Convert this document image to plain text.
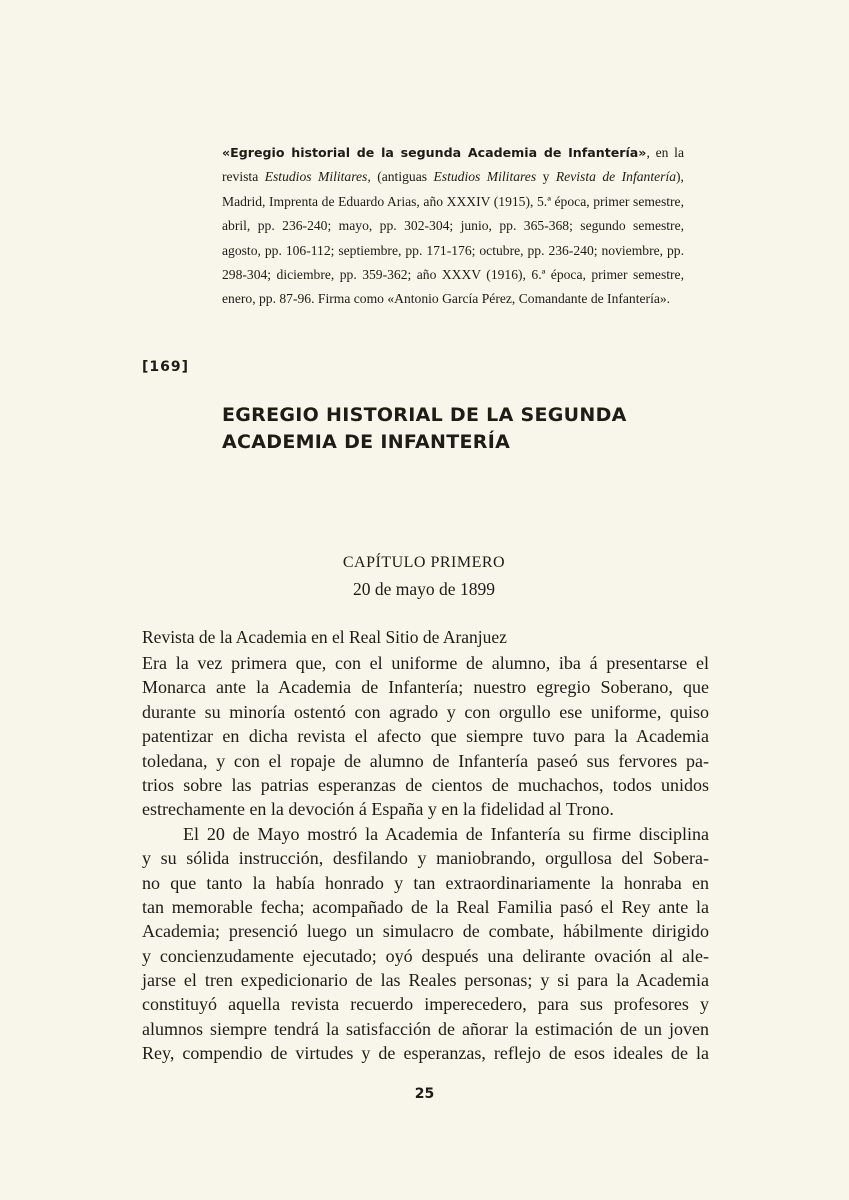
«Egregio historial de la segunda Academia de Infantería», en la revista Estudios Militares, (antiguas Estudios Militares y Revista de Infantería), Madrid, Imprenta de Eduardo Arias, año XXXIV (1915), 5.ª época, primer semestre, abril, pp. 236-240; mayo, pp. 302-304; junio, pp. 365-368; segundo semestre, agosto, pp. 106-112; septiembre, pp. 171-176; octubre, pp. 236-240; noviembre, pp. 298-304; diciembre, pp. 359-362; año XXXV (1916), 6.ª época, primer semestre, enero, pp. 87-96. Firma como «Antonio García Pérez, Comandante de Infantería».
[169]
EGREGIO HISTORIAL DE LA SEGUNDA
ACADEMIA DE INFANTERÍA
CAPÍTULO PRIMERO
20 de mayo de 1899
Revista de la Academia en el Real Sitio de Aranjuez
Era la vez primera que, con el uniforme de alumno, iba á presentarse el
Monarca ante la Academia de Infantería; nuestro egregio Soberano, que
durante su minoría ostentó con agrado y con orgullo ese uniforme, quiso
patentizar en dicha revista el afecto que siempre tuvo para la Academia
toledana, y con el ropaje de alumno de Infantería paseó sus fervores pa-
trios sobre las patrias esperanzas de cientos de muchachos, todos unidos
estrechamente en la devoción á España y en la fidelidad al Trono.
El 20 de Mayo mostró la Academia de Infantería su firme disciplina
y su sólida instrucción, desfilando y maniobrando, orgullosa del Sobera-
no que tanto la había honrado y tan extraordinariamente la honraba en
tan memorable fecha; acompañado de la Real Familia pasó el Rey ante la
Academia; presenció luego un simulacro de combate, hábilmente dirigido
y concienzudamente ejecutado; oyó después una delirante ovación al ale-
jarse el tren expedicionario de las Reales personas; y si para la Academia
constituyó aquella revista recuerdo imperecedero, para sus profesores y
alumnos siempre tendrá la satisfacción de añorar la estimación de un joven
Rey, compendio de virtudes y de esperanzas, reflejo de esos ideales de la
25
